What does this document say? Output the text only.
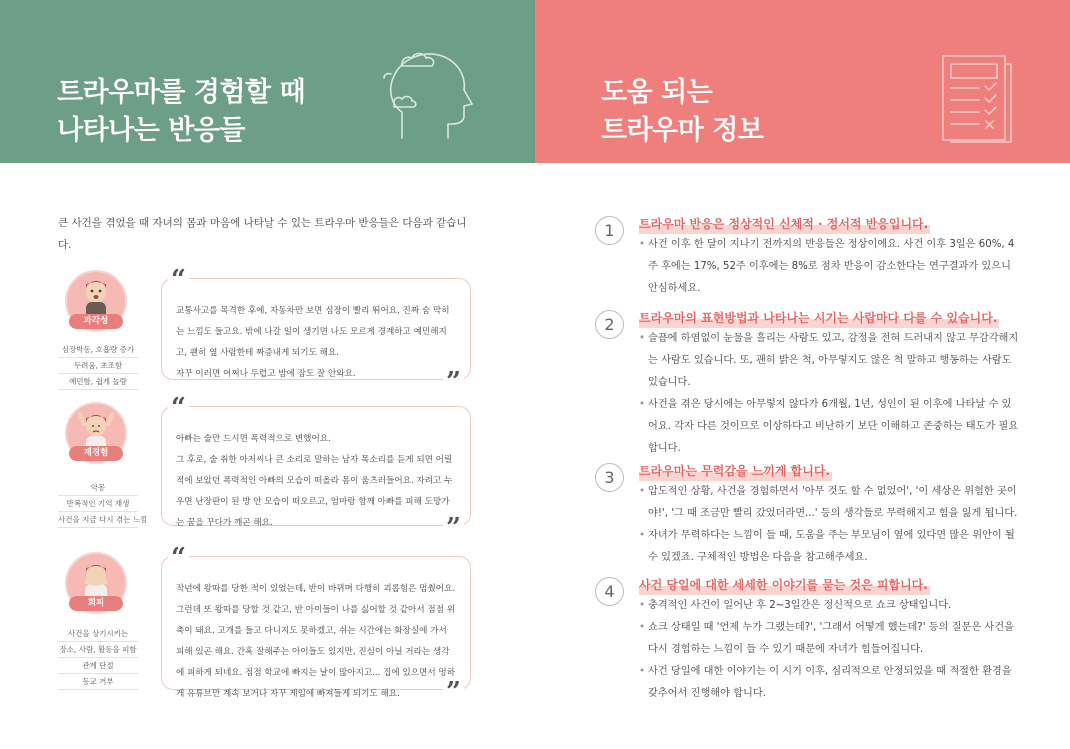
트라우마를 경험할 때
나타나는 반응들
도움 되는
트라우마 정보

큰 사건을 겪었을 때 자녀의 몸과 마음에 나타날 수 있는 트라우마 반응들은 다음과 같습니다.

과각성
심장박동, 호흡량 증가
두려움, 초조함
예민함, 쉽게 놀람
“
교통사고를 목격한 후에, 자동차만 보면 심장이 빨리 뛰어요. 진짜 숨 막히는 느낌도 들고요. 밖에 나갈 일이 생기면 나도 모르게 경계하고 예민해지고, 괜히 옆 사람한테 짜증내게 되기도 해요.
자꾸 이러면 어쩌나 두렵고 밤에 잠도 잘 안와요.	”
재경험
악몽
반복적인 기억 재생
사건을 지금 다시 겪는 느낌
“
아빠는 술만 드시면 폭력적으로 변했어요.
그 후로, 술 취한 아저씨나 큰 소리로 말하는 남자 목소리를 듣게 되면 어릴 적에 보았던 폭력적인 아빠의 모습이 떠올라 몸이 움츠러들어요. 자려고 누우면 난장판이 된 방 안 모습이 떠오르고, 엄마랑 함께 아빠를 피해 도망가는 꿈을 꾸다가 깨곤 해요.	”
회피
사건을 상기시키는
장소, 사람, 활동을 피함
관계 단절
등교 거부
“
작년에 왕따를 당한 적이 있었는데, 반이 바뀌며 다행히 괴롭힘은 멈췄어요. 그런데 또 왕따를 당할 것 같고, 반 아이들이 나를 싫어할 것 같아서 점점 위축이 돼요. 고개를 들고 다니지도 못하겠고, 쉬는 시간에는 화장실에 가서 피해 있곤 해요. 간혹 잘해주는 아이들도 있지만, 진심이 아닐 거라는 생각에 피하게 되네요. 점점 학교에 빠지는 날이 많아지고... 집에 있으면서 멍하게 유튜브만 계속 보거나 자꾸 게임에 빠져들게 되기도 해요. ”
1	트라우마 반응은 정상적인 신체적 · 정서적 반응입니다.
• 사건 이후 한 달이 지나기 전까지의 반응들은 정상이에요. 사건 이후 3일은 60%, 4주 후에는 17%, 52주 이후에는 8%로 점차 반응이 감소한다는 연구결과가 있으니 안심하세요.
2	트라우마의 표현방법과 나타나는 시기는 사람마다 다를 수 있습니다.
• 슬픔에 하염없이 눈물을 흘리는 사람도 있고, 감정을 전혀 드러내지 않고 무감각해지는 사람도 있습니다. 또, 괜히 밝은 척, 아무렇지도 않은 척 말하고 행동하는 사람도 있습니다.
• 사건을 겪은 당시에는 아무렇지 않다가 6개월, 1년, 성인이 된 이후에 나타날 수 있어요. 각자 다른 것이므로 이상하다고 비난하기 보단 이해하고 존중하는 태도가 필요합니다.
3	트라우마는 무력감을 느끼게 합니다.
• 압도적인 상황, 사건을 경험하면서 '아무 것도 할 수 없었어', '이 세상은 위험한 곳이야!', '그 때 조금만 빨리 갔었더라면...' 등의 생각들로 무력해지고 힘을 잃게 됩니다.
• 자녀가 무력하다는 느낌이 들 때, 도움을 주는 부모님이 옆에 있다면 많은 위안이 될 수 있겠죠. 구체적인 방법은 다음을 참고해주세요.
4	사건 당일에 대한 세세한 이야기를 묻는 것은 피합니다.
• 충격적인 사건이 일어난 후 2~3일간은 정신적으로 쇼크 상태입니다.
• 쇼크 상태일 때 '언제 누가 그랬는데?', '그래서 어떻게 했는데?' 등의 질문은 사건을 다시 경험하는 느낌이 들 수 있기 때문에 자녀가 힘들어집니다.
• 사건 당일에 대한 이야기는 이 시기 이후, 심리적으로 안정되었을 때 적절한 환경을 갖추어서 진행해야 합니다.
